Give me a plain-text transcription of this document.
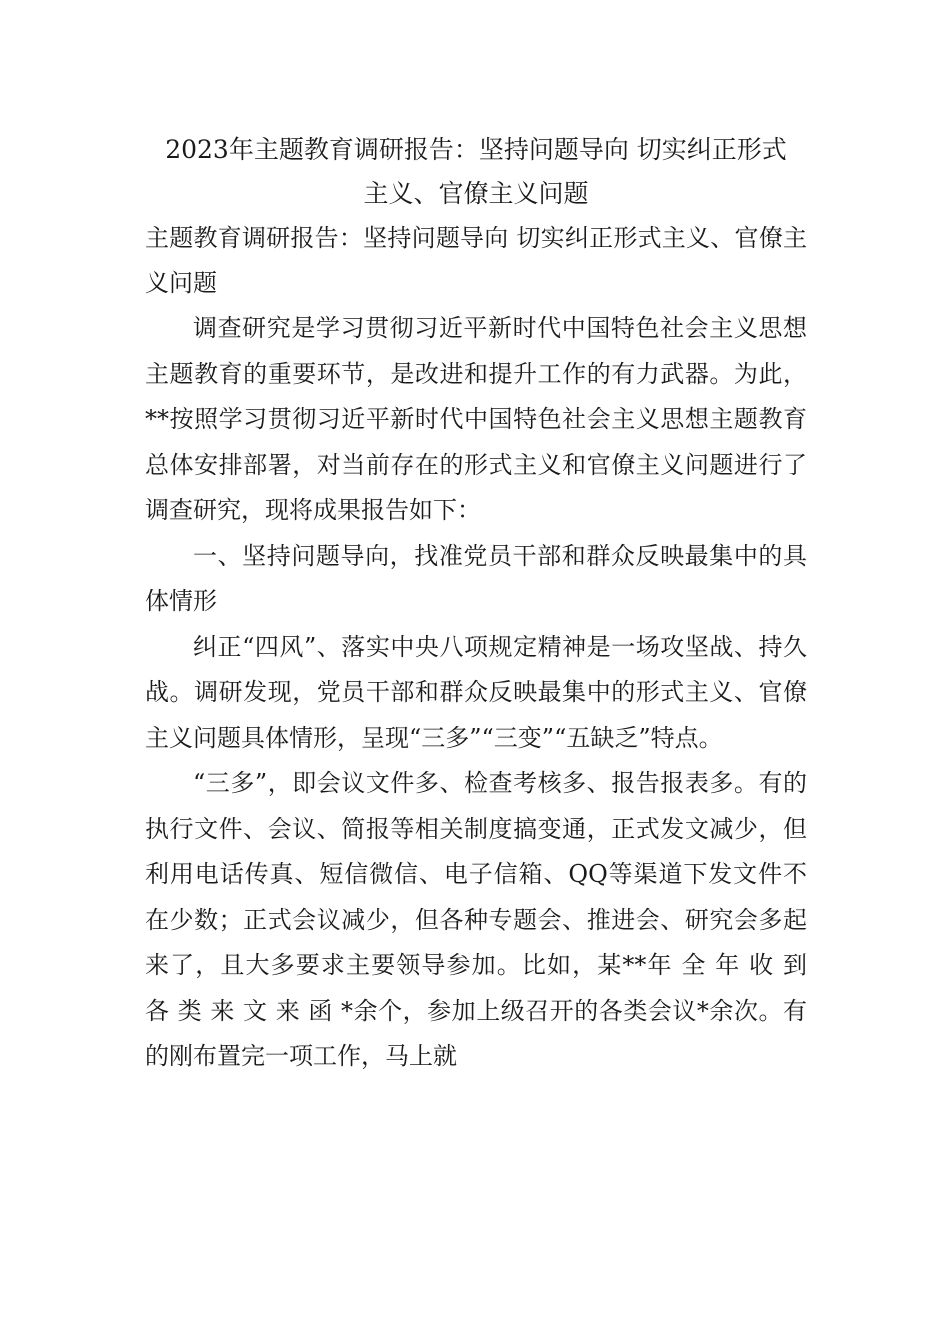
2023年主题教育调研报告：坚持问题导向 切实纠正形式
主义、官僚主义问题

主题教育调研报告：坚持问题导向 切实纠正形式主义、官僚主义问题

调查研究是学习贯彻习近平新时代中国特色社会主义思想主题教育的重要环节，是改进和提升工作的有力武器。为此，**按照学习贯彻习近平新时代中国特色社会主义思想主题教育总体安排部署，对当前存在的形式主义和官僚主义问题进行了调查研究，现将成果报告如下：

一、坚持问题导向，找准党员干部和群众反映最集中的具体情形

纠正“四风”、落实中央八项规定精神是一场攻坚战、持久战。调研发现，党员干部和群众反映最集中的形式主义、官僚主义问题具体情形，呈现“三多”“三变”“五缺乏”特点。

“三多”，即会议文件多、检查考核多、报告报表多。有的执行文件、会议、简报等相关制度搞变通，正式发文减少，但利用电话传真、短信微信、电子信箱、QQ等渠道下发文件不在少数；正式会议减少，但各种专题会、推进会、研究会多起来了，且大多要求主要领导参加。比如，某**年 全 年 收 到 各 类 来 文 来 函 *余个，参加上级召开的各类会议*余次。有的刚布置完一项工作，马上就
